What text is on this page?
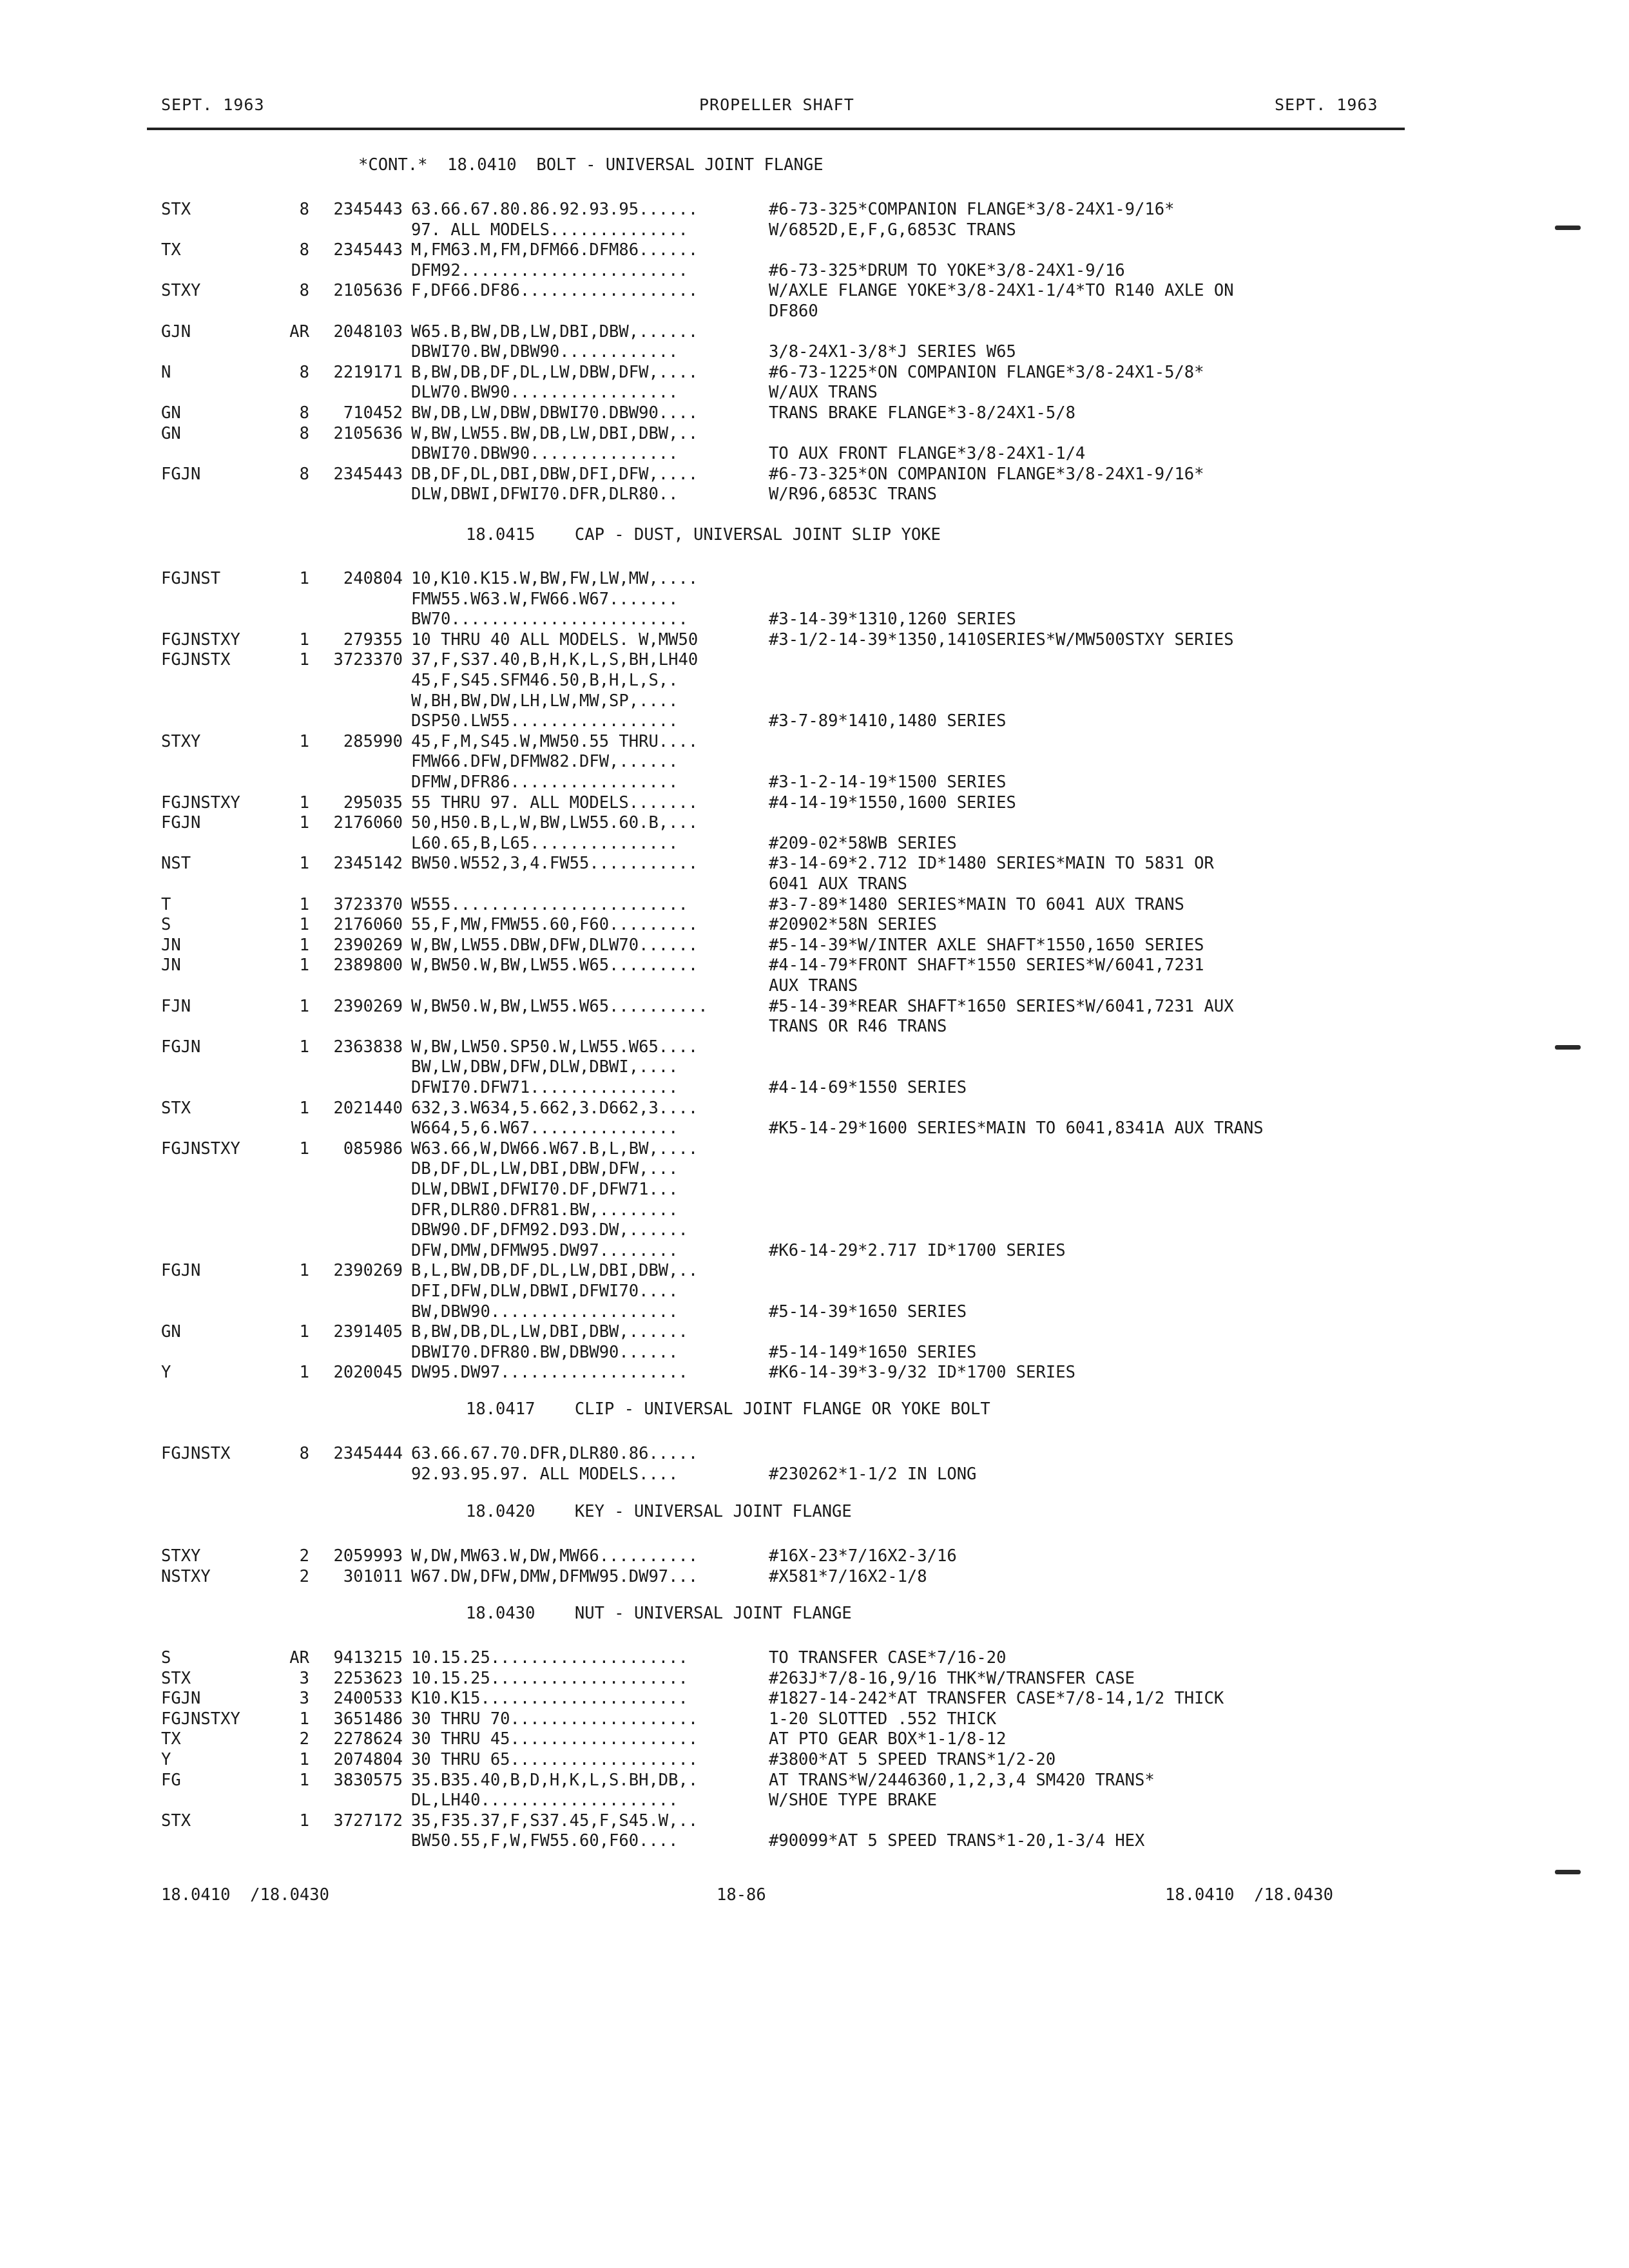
SEPT. 1963	PROPELLER SHAFT	SEPT. 1963
*CONT.*  18.0410  BOLT - UNIVERSAL JOINT FLANGE
STX	8	2345443 63.66.67.80.86.92.93.95......	#6-73-325*COMPANION FLANGE*3/8-24X1-9/16*
97. ALL MODELS..............	W/6852D,E,F,G,6853C TRANS
TX	8	2345443 M,FM63.M,FM,DFM66.DFM86......
DFM92.......................	#6-73-325*DRUM TO YOKE*3/8-24X1-9/16
STXY	8	2105636 F,DF66.DF86..................	W/AXLE FLANGE YOKE*3/8-24X1-1/4*TO R140 AXLE ON
DF860
GJN	AR	2048103 W65.B,BW,DB,LW,DBI,DBW,......
DBWI70.BW,DBW90............	3/8-24X1-3/8*J SERIES W65
N	8	2219171 B,BW,DB,DF,DL,LW,DBW,DFW,....	#6-73-1225*ON COMPANION FLANGE*3/8-24X1-5/8*
DLW70.BW90.................	W/AUX TRANS
GN	8	710452 BW,DB,LW,DBW,DBWI70.DBW90....	TRANS BRAKE FLANGE*3-8/24X1-5/8
GN	8	2105636 W,BW,LW55.BW,DB,LW,DBI,DBW,..
DBWI70.DBW90...............	TO AUX FRONT FLANGE*3/8-24X1-1/4
FGJN	8	2345443 DB,DF,DL,DBI,DBW,DFI,DFW,....	#6-73-325*ON COMPANION FLANGE*3/8-24X1-9/16*
DLW,DBWI,DFWI70.DFR,DLR80..	W/R96,6853C TRANS
18.0415    CAP - DUST, UNIVERSAL JOINT SLIP YOKE
FGJNST	1	240804 10,K10.K15.W,BW,FW,LW,MW,....
FMW55.W63.W,FW66.W67.......
BW70........................	#3-14-39*1310,1260 SERIES
FGJNSTXY	1	279355 10 THRU 40 ALL MODELS. W,MW50	#3-1/2-14-39*1350,1410SERIES*W/MW500STXY SERIES
FGJNSTX	1	3723370 37,F,S37.40,B,H,K,L,S,BH,LH40
45,F,S45.SFM46.50,B,H,L,S,.
W,BH,BW,DW,LH,LW,MW,SP,....
DSP50.LW55.................	#3-7-89*1410,1480 SERIES
STXY	1	285990 45,F,M,S45.W,MW50.55 THRU....
FMW66.DFW,DFMW82.DFW,......
DFMW,DFR86.................	#3-1-2-14-19*1500 SERIES
FGJNSTXY	1	295035 55 THRU 97. ALL MODELS.......	#4-14-19*1550,1600 SERIES
FGJN	1	2176060 50,H50.B,L,W,BW,LW55.60.B,...
L60.65,B,L65...............	#209-02*58WB SERIES
NST	1	2345142 BW50.W552,3,4.FW55...........	#3-14-69*2.712 ID*1480 SERIES*MAIN TO 5831 OR
6041 AUX TRANS
T	1	3723370 W555........................	#3-7-89*1480 SERIES*MAIN TO 6041 AUX TRANS
S	1	2176060 55,F,MW,FMW55.60,F60.........	#20902*58N SERIES
JN	1	2390269 W,BW,LW55.DBW,DFW,DLW70......	#5-14-39*W/INTER AXLE SHAFT*1550,1650 SERIES
JN	1	2389800 W,BW50.W,BW,LW55.W65.........	#4-14-79*FRONT SHAFT*1550 SERIES*W/6041,7231
AUX TRANS
FJN	1	2390269 W,BW50.W,BW,LW55.W65..........	#5-14-39*REAR SHAFT*1650 SERIES*W/6041,7231 AUX
TRANS OR R46 TRANS
FGJN	1	2363838 W,BW,LW50.SP50.W,LW55.W65....
BW,LW,DBW,DFW,DLW,DBWI,....
DFWI70.DFW71...............	#4-14-69*1550 SERIES
STX	1	2021440 632,3.W634,5.662,3.D662,3....
W664,5,6.W67...............	#K5-14-29*1600 SERIES*MAIN TO 6041,8341A AUX TRANS
FGJNSTXY	1	085986 W63.66,W,DW66.W67.B,L,BW,....
DB,DF,DL,LW,DBI,DBW,DFW,...
DLW,DBWI,DFWI70.DF,DFW71...
DFR,DLR80.DFR81.BW,........
DBW90.DF,DFM92.D93.DW,......
DFW,DMW,DFMW95.DW97........	#K6-14-29*2.717 ID*1700 SERIES
FGJN	1	2390269 B,L,BW,DB,DF,DL,LW,DBI,DBW,..
DFI,DFW,DLW,DBWI,DFWI70....
BW,DBW90...................	#5-14-39*1650 SERIES
GN	1	2391405 B,BW,DB,DL,LW,DBI,DBW,......
DBWI70.DFR80.BW,DBW90......	#5-14-149*1650 SERIES
Y	1	2020045 DW95.DW97...................	#K6-14-39*3-9/32 ID*1700 SERIES
18.0417    CLIP - UNIVERSAL JOINT FLANGE OR YOKE BOLT
FGJNSTX	8	2345444 63.66.67.70.DFR,DLR80.86.....
92.93.95.97. ALL MODELS....	#230262*1-1/2 IN LONG
18.0420    KEY - UNIVERSAL JOINT FLANGE
STXY	2	2059993 W,DW,MW63.W,DW,MW66..........	#16X-23*7/16X2-3/16
NSTXY	2	301011 W67.DW,DFW,DMW,DFMW95.DW97...	#X581*7/16X2-1/8
18.0430    NUT - UNIVERSAL JOINT FLANGE
S	AR	9413215 10.15.25....................	TO TRANSFER CASE*7/16-20
STX	3	2253623 10.15.25....................	#263J*7/8-16,9/16 THK*W/TRANSFER CASE
FGJN	3	2400533 K10.K15.....................	#1827-14-242*AT TRANSFER CASE*7/8-14,1/2 THICK
FGJNSTXY	1	3651486 30 THRU 70...................	1-20 SLOTTED .552 THICK
TX	2	2278624 30 THRU 45...................	AT PTO GEAR BOX*1-1/8-12
Y	1	2074804 30 THRU 65...................	#3800*AT 5 SPEED TRANS*1/2-20
FG	1	3830575 35.B35.40,B,D,H,K,L,S.BH,DB,.	AT TRANS*W/2446360,1,2,3,4 SM420 TRANS*
DL,LH40....................	W/SHOE TYPE BRAKE
STX	1	3727172 35,F35.37,F,S37.45,F,S45.W,..
BW50.55,F,W,FW55.60,F60....	#90099*AT 5 SPEED TRANS*1-20,1-3/4 HEX
18.0410  /18.0430	18-86	18.0410  /18.0430
